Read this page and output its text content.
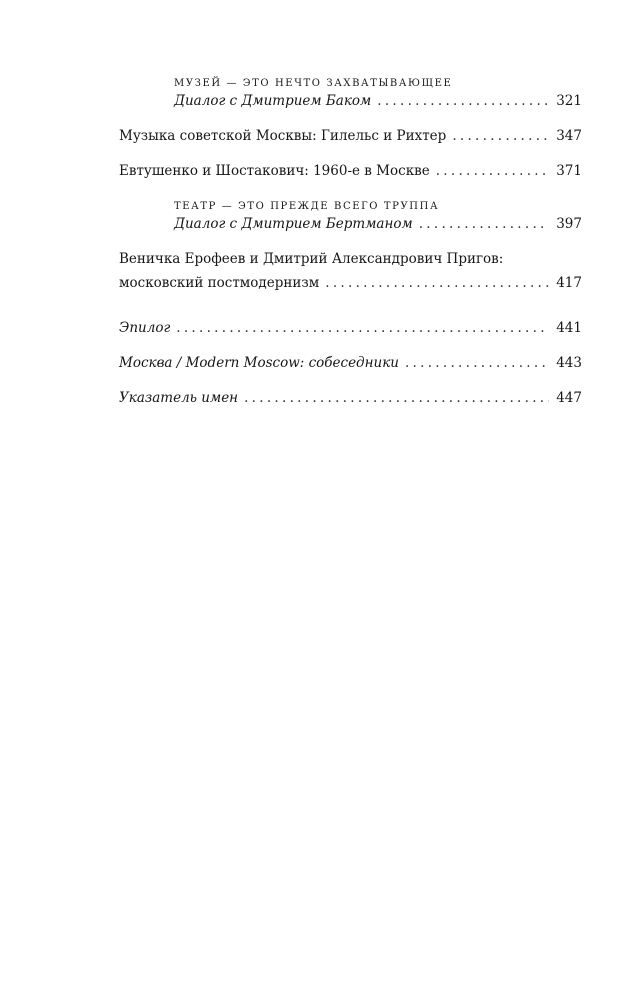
МУЗЕЙ — ЭТО НЕЧТО ЗАХВАТЫВАЮЩЕЕ
Диалог с Дмитрием Баком . . .	321
Музыка советской Москвы: Гилельс и Рихтер . . .	347
Евтушенко и Шостакович: 1960-е в Москве . . .	371
ТЕАТР — ЭТО ПРЕЖДЕ ВСЕГО ТРУППА
Диалог с Дмитрием Бертманом . . .	397
Веничка Ерофеев и Дмитрий Александрович Пригов:
московский постмодернизм . . .	417
Эпилог . . .	441
Москва / Modern Moscow: собеседники . . .	443
Указатель имен . . .	447
